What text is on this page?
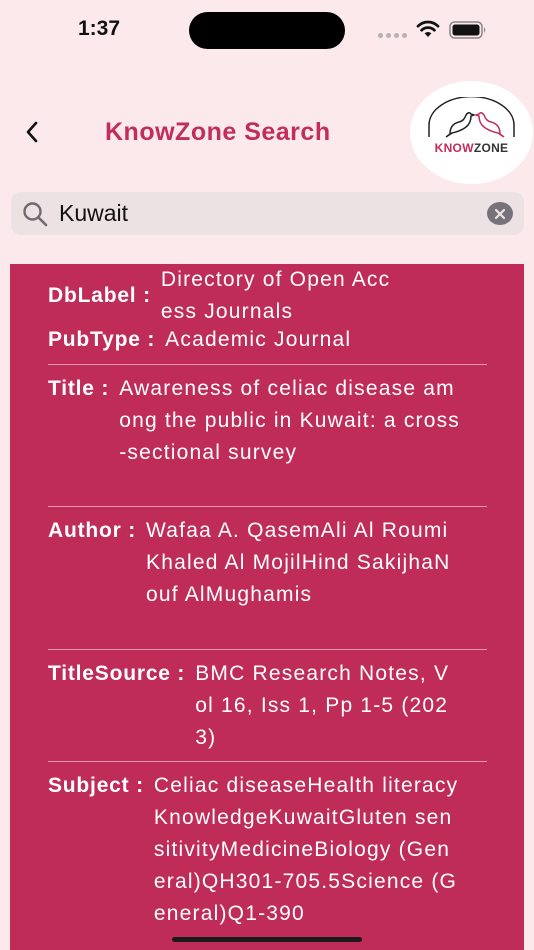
1:37
KnowZone Search
KNOWZONE
Kuwait
DbLabel :
Directory of Open Access Journals
PubType : Academic Journal
Title : Awareness of celiac disease among the public in Kuwait: a cross-sectional survey
Author : Wafaa A. QasemAli Al RoumiKhaled Al MojilHind SakijhaNouf AlMughamis
TitleSource : BMC Research Notes, Vol 16, Iss 1, Pp 1-5 (2023)
Subject : Celiac diseaseHealth literacyKnowledgeKuwaitGluten sensitivityMedicineBiology (General)QH301-705.5Science (General)Q1-390
